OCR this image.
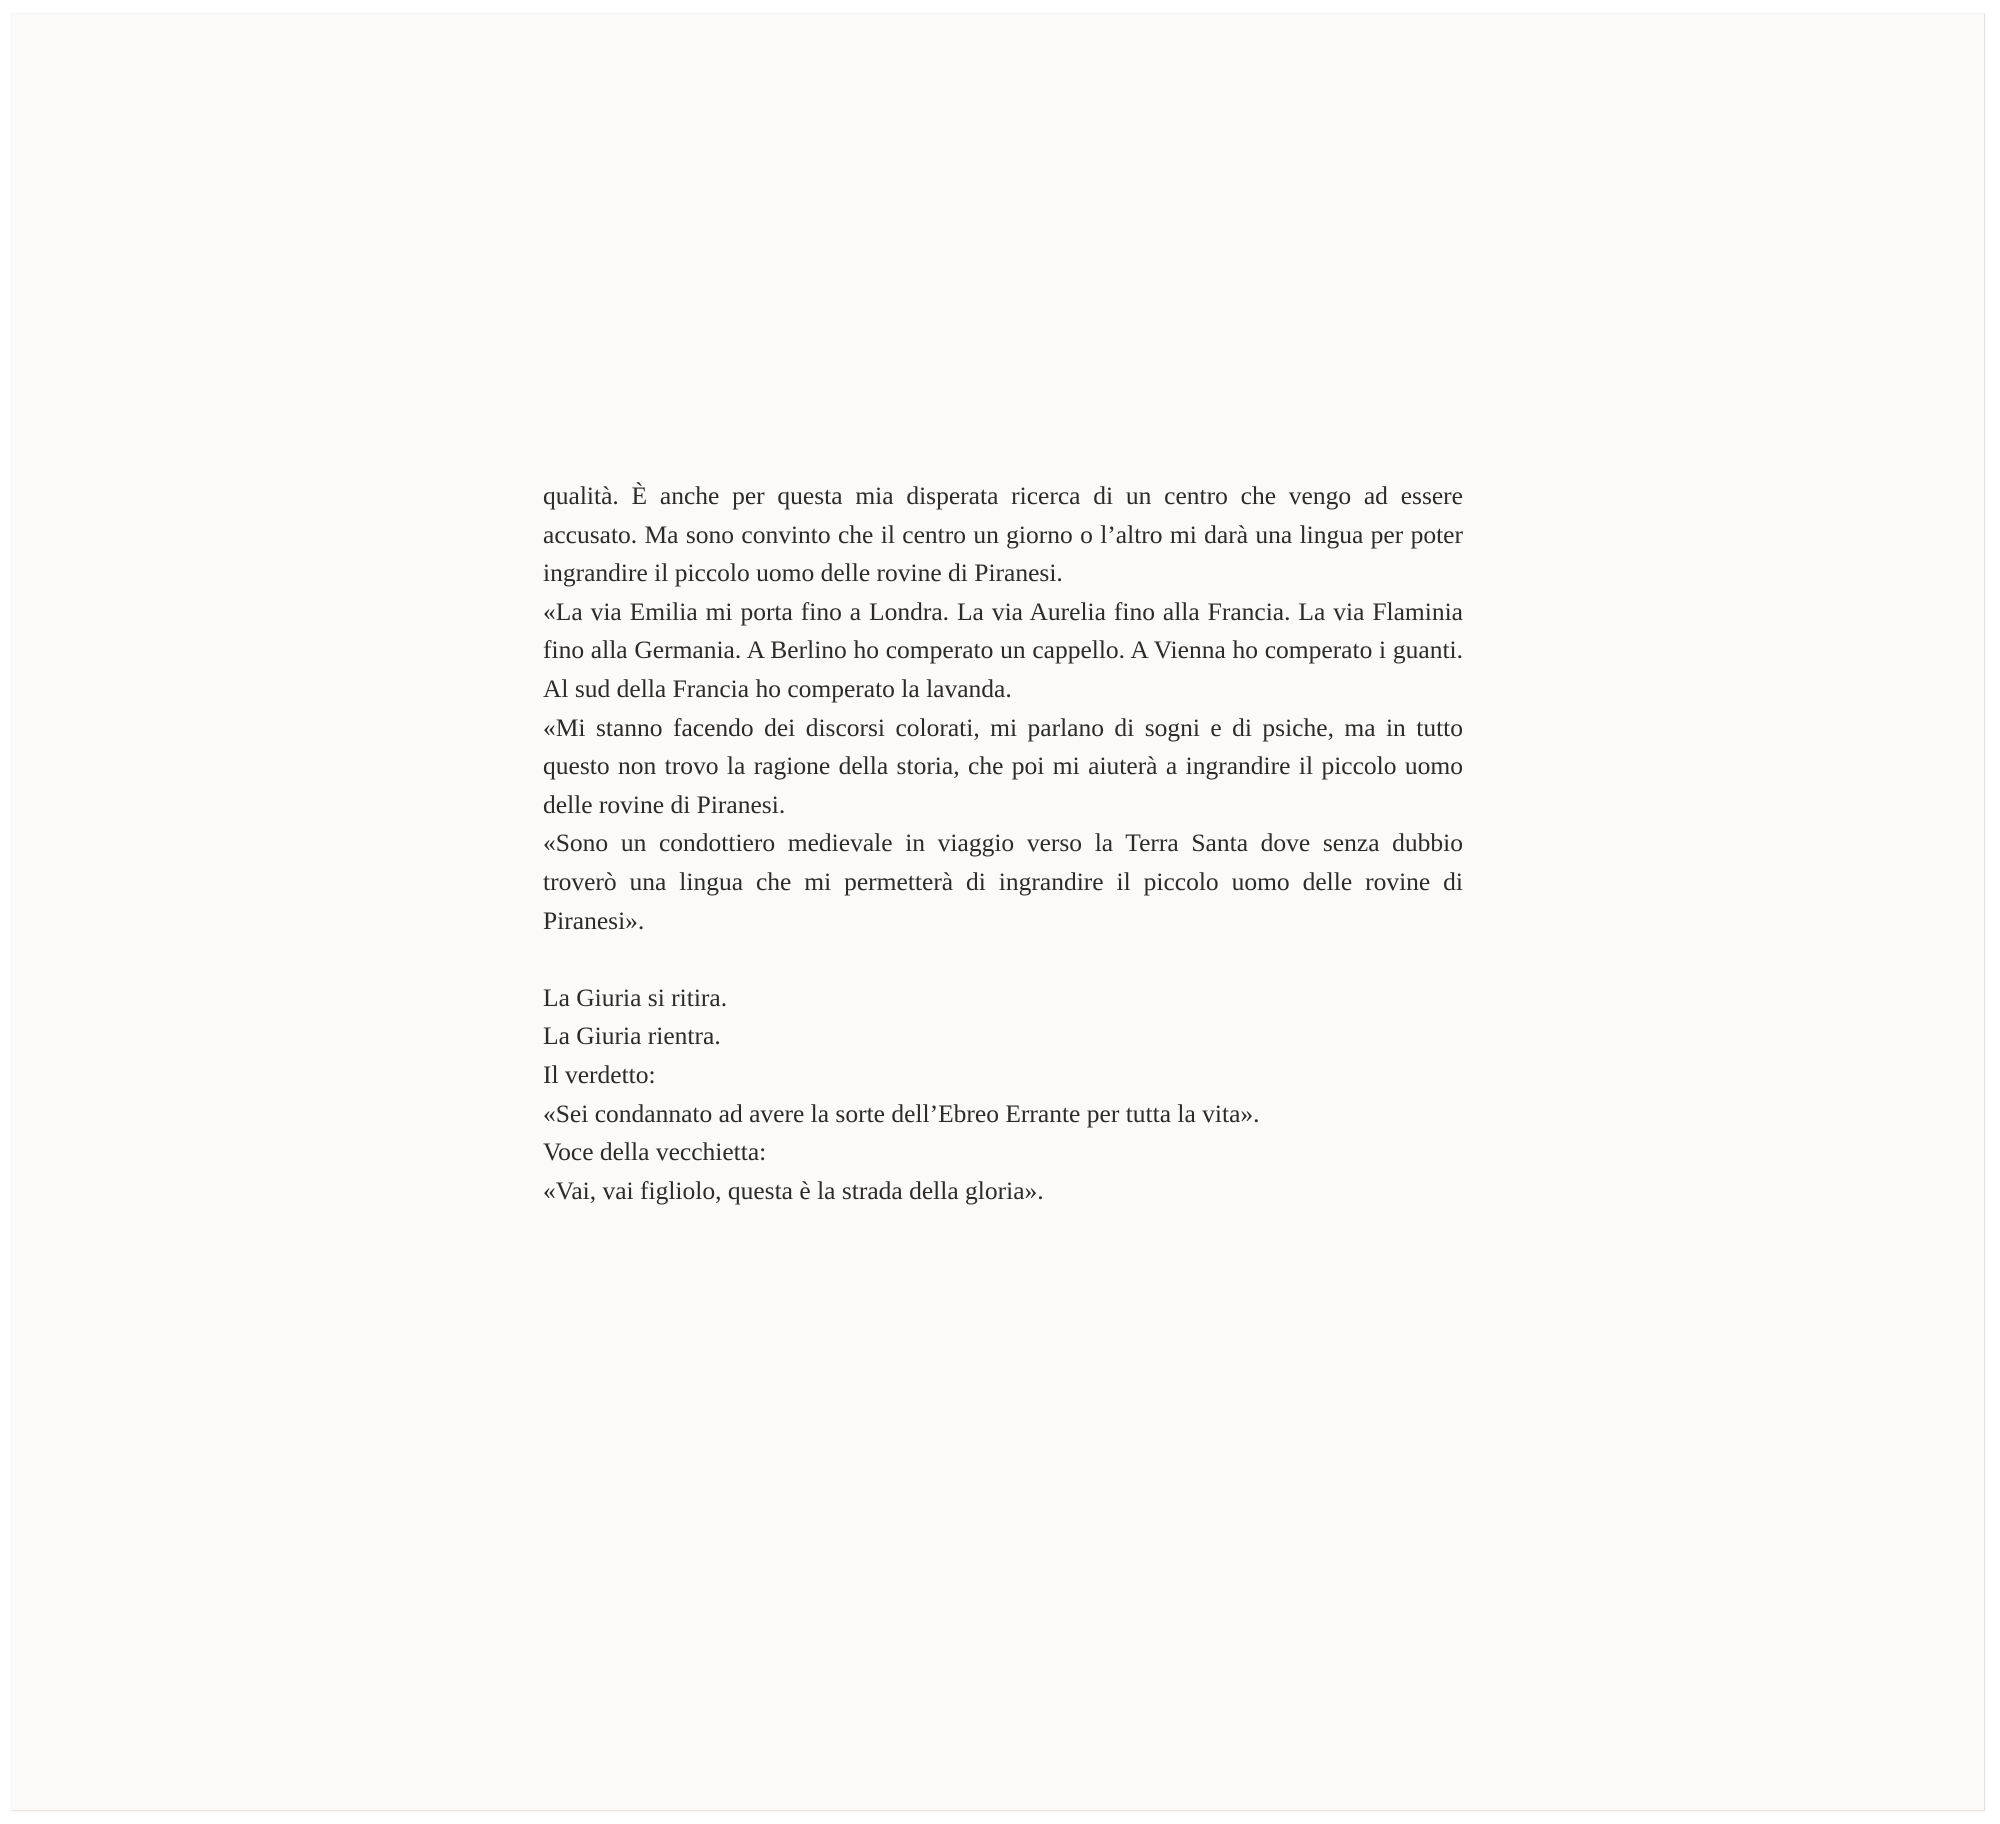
qualità. È anche per questa mia disperata ricerca di un centro che vengo ad essere accusato. Ma sono convinto che il centro un giorno o l’altro mi darà una lingua per poter ingrandire il piccolo uomo delle rovine di Piranesi.

«La via Emilia mi porta fino a Londra. La via Aurelia fino alla Francia. La via Flaminia fino alla Germania. A Berlino ho comperato un cappello. A Vienna ho comperato i guanti. Al sud della Francia ho comperato la lavanda.

«Mi stanno facendo dei discorsi colorati, mi parlano di sogni e di psiche, ma in tutto questo non trovo la ragione della storia, che poi mi aiuterà a ingrandire il piccolo uomo delle rovine di Piranesi.

«Sono un condottiero medievale in viaggio verso la Terra Santa dove senza dubbio troverò una lingua che mi permetterà di ingrandire il piccolo uomo delle rovine di Piranesi».

La Giuria si ritira.

La Giuria rientra.

Il verdetto:

«Sei condannato ad avere la sorte dell’Ebreo Errante per tutta la vita».

Voce della vecchietta:

«Vai, vai figliolo, questa è la strada della gloria».
